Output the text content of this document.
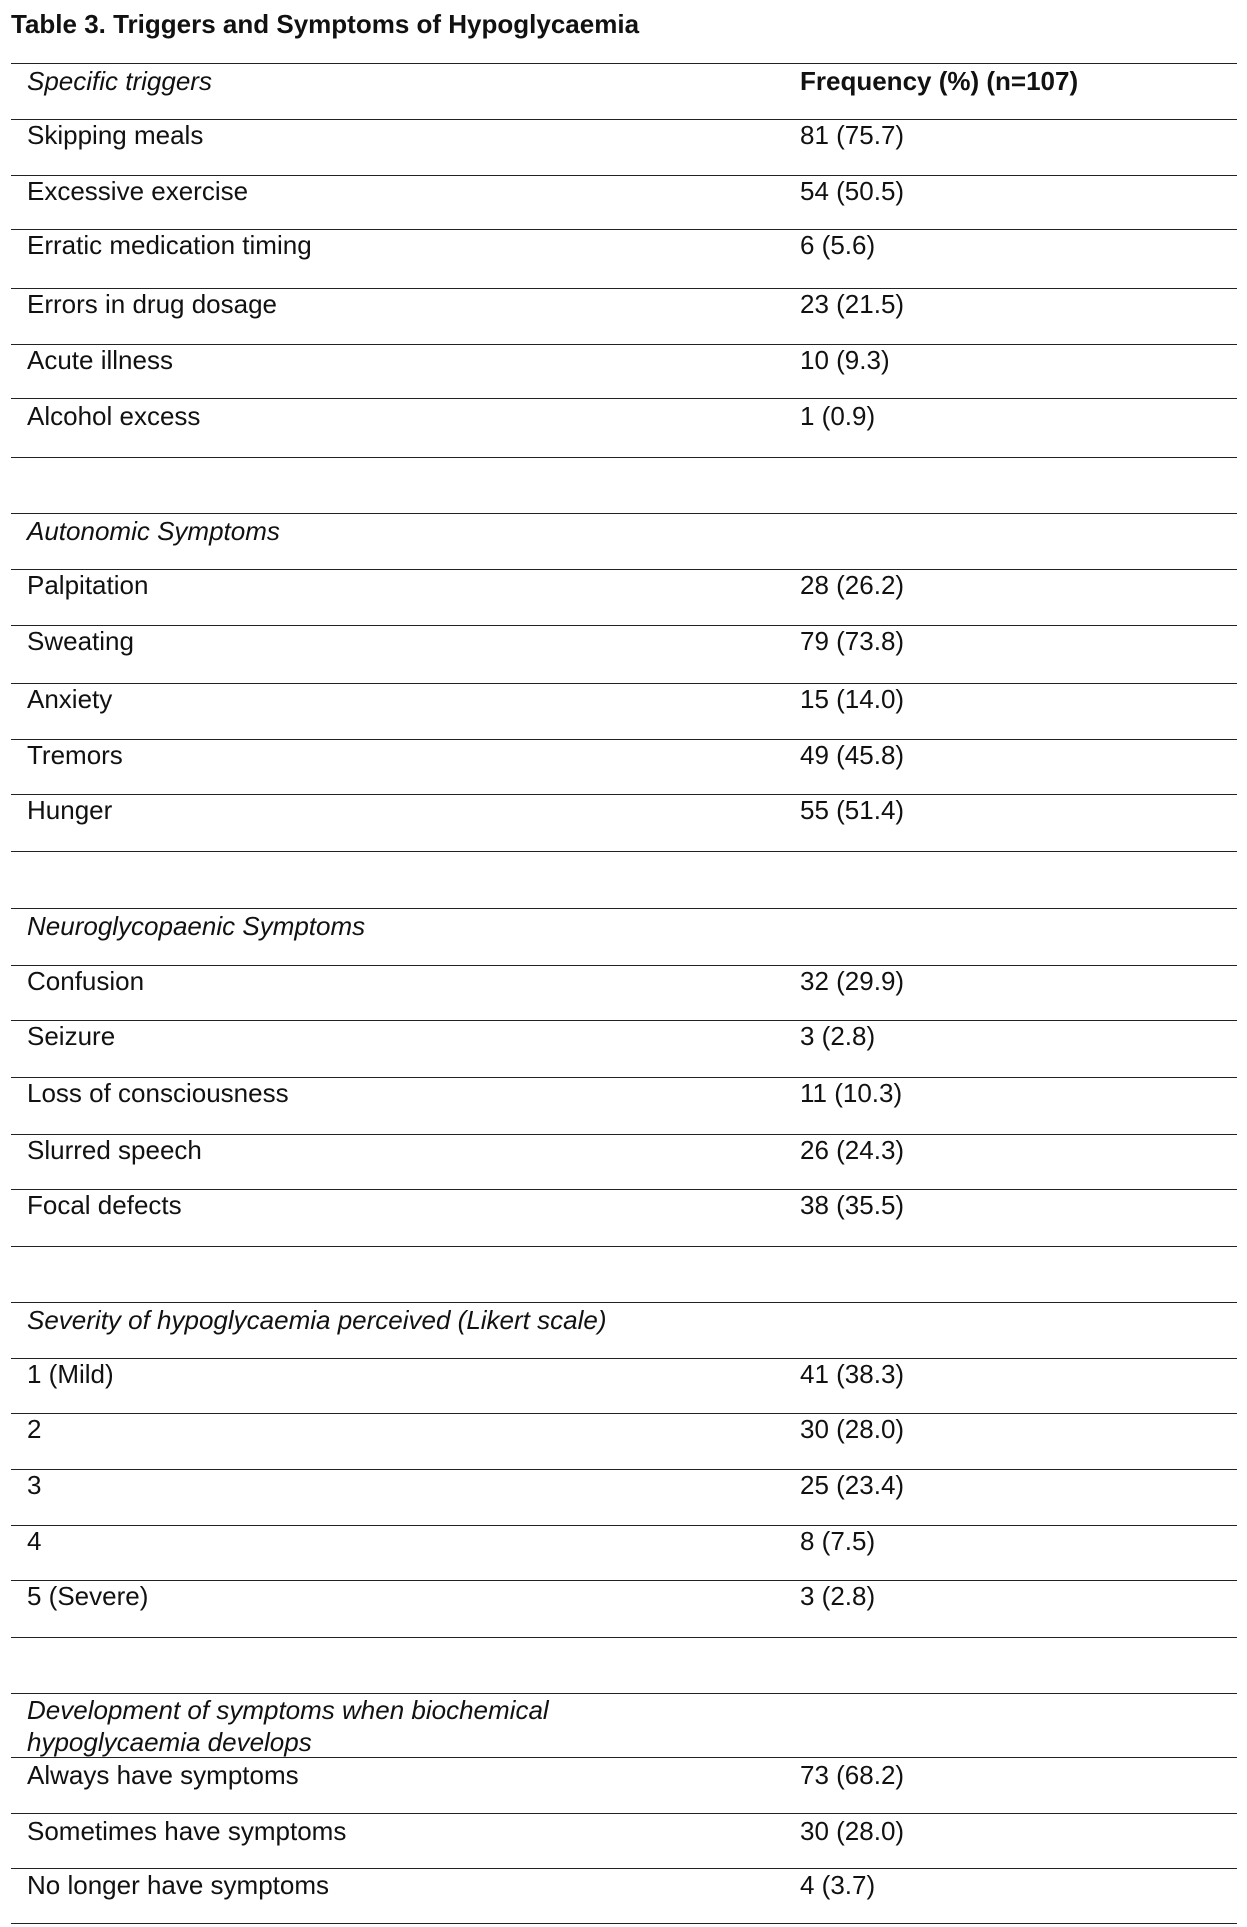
Table 3. Triggers and Symptoms of Hypoglycaemia
Specific triggers	Frequency (%) (n=107)
Skipping meals	81 (75.7)
Excessive exercise	54 (50.5)
Erratic medication timing	6 (5.6)
Errors in drug dosage	23 (21.5)
Acute illness	10 (9.3)
Alcohol excess	1 (0.9)
Autonomic Symptoms
Palpitation	28 (26.2)
Sweating	79 (73.8)
Anxiety	15 (14.0)
Tremors	49 (45.8)
Hunger	55 (51.4)
Neuroglycopaenic Symptoms
Confusion	32 (29.9)
Seizure	3 (2.8)
Loss of consciousness	11 (10.3)
Slurred speech	26 (24.3)
Focal defects	38 (35.5)
Severity of hypoglycaemia perceived (Likert scale)
1 (Mild)	41 (38.3)
2	30 (28.0)
3	25 (23.4)
4	8 (7.5)
5 (Severe)	3 (2.8)
Development of symptoms when biochemical hypoglycaemia develops
Always have symptoms	73 (68.2)
Sometimes have symptoms	30 (28.0)
No longer have symptoms	4 (3.7)
